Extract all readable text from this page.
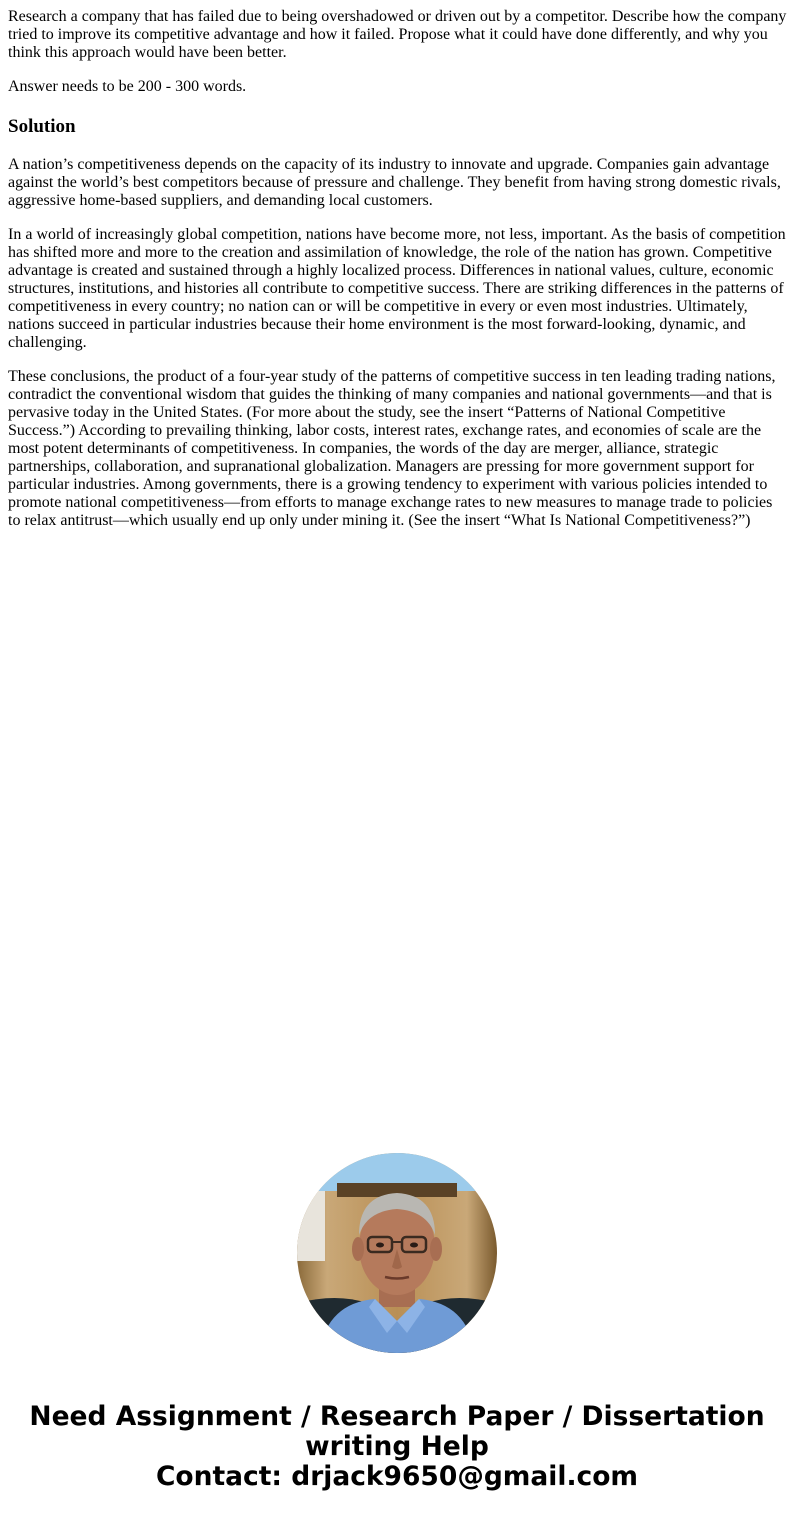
Research a company that has failed due to being overshadowed or driven out by a competitor. Describe how the company tried to improve its competitive advantage and how it failed. Propose what it could have done differently, and why you think this approach would have been better.

Answer needs to be 200 - 300 words.

Solution

A nation’s competitiveness depends on the capacity of its industry to innovate and upgrade. Companies gain advantage against the world’s best competitors because of pressure and challenge. They benefit from having strong domestic rivals, aggressive home-based suppliers, and demanding local customers.

In a world of increasingly global competition, nations have become more, not less, important. As the basis of competition has shifted more and more to the creation and assimilation of knowledge, the role of the nation has grown. Competitive advantage is created and sustained through a highly localized process. Differences in national values, culture, economic structures, institutions, and histories all contribute to competitive success. There are striking differences in the patterns of competitiveness in every country; no nation can or will be competitive in every or even most industries. Ultimately, nations succeed in particular industries because their home environment is the most forward-looking, dynamic, and challenging.

These conclusions, the product of a four-year study of the patterns of competitive success in ten leading trading nations, contradict the conventional wisdom that guides the thinking of many companies and national governments—and that is pervasive today in the United States. (For more about the study, see the insert “Patterns of National Competitive Success.”) According to prevailing thinking, labor costs, interest rates, exchange rates, and economies of scale are the most potent determinants of competitiveness. In companies, the words of the day are merger, alliance, strategic partnerships, collaboration, and supranational globalization. Managers are pressing for more government support for particular industries. Among governments, there is a growing tendency to experiment with various policies intended to promote national competitiveness—from efforts to manage exchange rates to new measures to manage trade to policies to relax antitrust—which usually end up only under mining it. (See the insert “What Is National Competitiveness?”)

Need Assignment / Research Paper / Dissertation
writing Help
Contact: drjack9650@gmail.com
